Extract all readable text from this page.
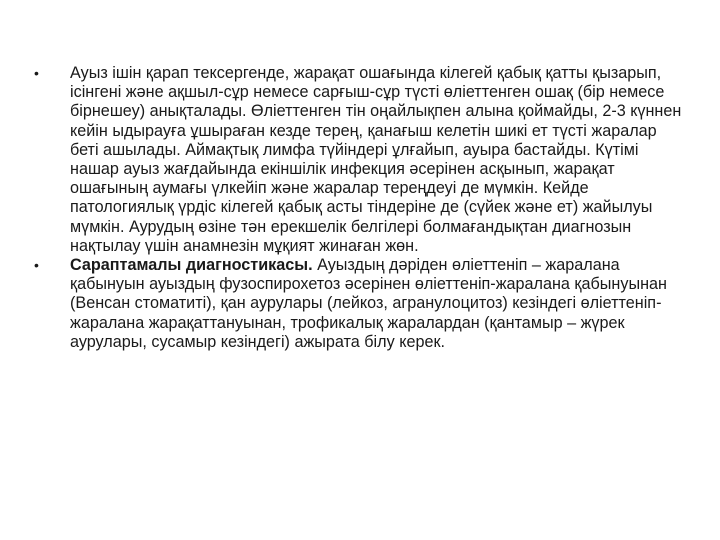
•	Ауыз ішін қарап тексергенде, жарақат ошағында кілегей қабық қатты қызарып, ісінгені және ақшыл-сұр немесе сарғыш-сұр түсті өліеттенген ошақ (бір немесе бірнешеу) анықталады. Өліеттенген тін оңайлықпен алына қоймайды, 2-3 күннен кейін ыдырауға ұшыраған кезде терең, қанағыш келетін шикі ет түсті жаралар беті ашылады. Аймақтық лимфа түйіндері ұлғайып, ауыра бастайды. Күтімі нашар ауыз жағдайында екіншілік инфекция әсерінен асқынып, жарақат ошағының аумағы үлкейіп және жаралар тереңдеуі де мүмкін. Кейде патологиялық үрдіс кілегей қабық асты тіндеріне де (сүйек және ет) жайылуы мүмкін. Аурудың өзіне тән ерекшелік белгілері болмағандықтан диагнозын нақтылау үшін анамнезін мұқият жинаған жөн.
•	Сараптамалы диагностикасы. Ауыздың дәріден өліеттеніп – жаралана қабынуын ауыздың фузоспирохетоз әсерінен өліеттеніп-жаралана қабынуынан (Венсан стоматиті), қан аурулары (лейкоз, агранулоцитоз) кезіндегі өліеттеніп-жаралана жарақаттануынан, трофикалық жаралардан (қантамыр – жүрек аурулары, сусамыр кезіндегі) ажырата білу керек.
